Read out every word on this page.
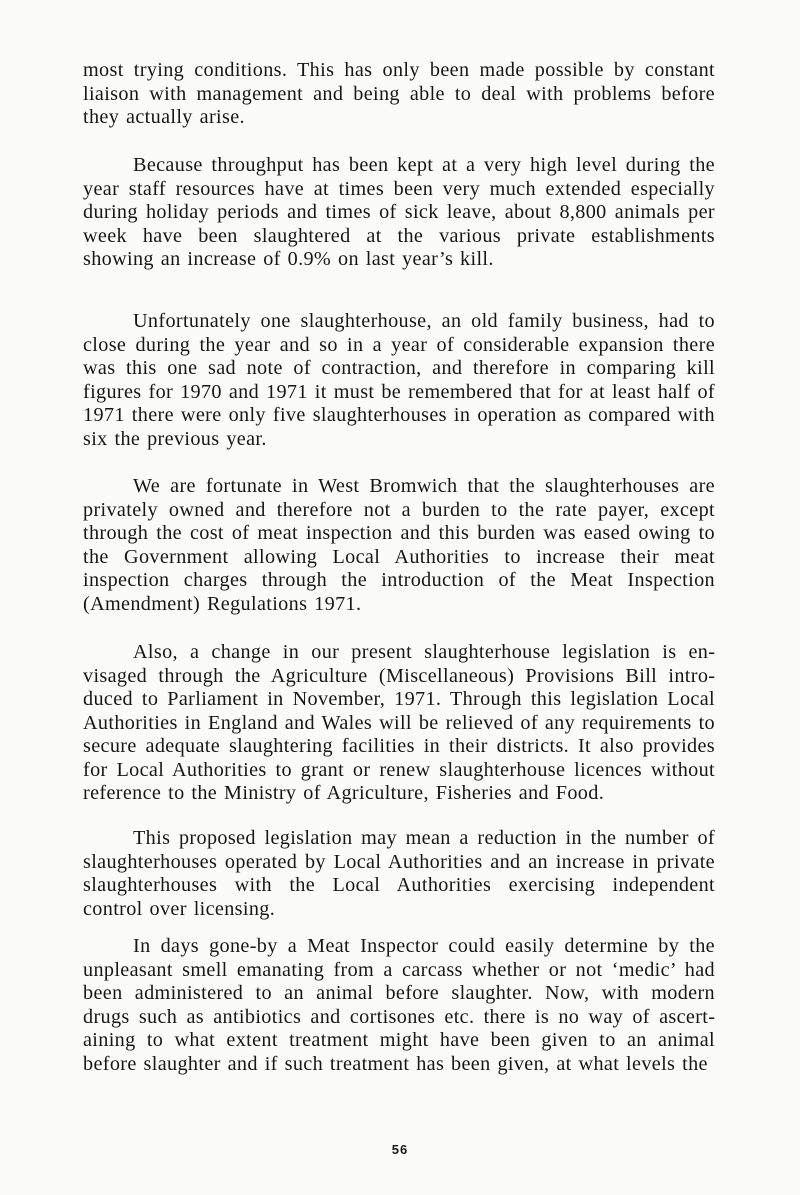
most trying conditions. This has only been made possible by constant liaison with management and being able to deal with problems before they actually arise.

Because throughput has been kept at a very high level during the year staff resources have at times been very much extended especially during holiday periods and times of sick leave, about 8,800 animals per week have been slaughtered at the various private establishments showing an increase of 0.9% on last year’s kill.

Unfortunately one slaughterhouse, an old family business, had to close during the year and so in a year of considerable expansion there was this one sad note of contraction, and therefore in comparing kill figures for 1970 and 1971 it must be remembered that for at least half of 1971 there were only five slaughterhouses in operation as compared with six the previous year.

We are fortunate in West Bromwich that the slaughterhouses are privately owned and therefore not a burden to the rate payer, except through the cost of meat inspection and this burden was eased owing to the Government allowing Local Authorities to increase their meat inspection charges through the introduction of the Meat Inspection (Amendment) Regulations 1971.

Also, a change in our present slaughterhouse legislation is envisaged through the Agriculture (Miscellaneous) Provisions Bill introduced to Parliament in November, 1971. Through this legislation Local Authorities in England and Wales will be relieved of any requirements to secure adequate slaughtering facilities in their districts. It also provides for Local Authorities to grant or renew slaughterhouse licences without reference to the Ministry of Agriculture, Fisheries and Food.

This proposed legislation may mean a reduction in the number of slaughterhouses operated by Local Authorities and an increase in private slaughterhouses with the Local Authorities exercising independent control over licensing.

In days gone-by a Meat Inspector could easily determine by the unpleasant smell emanating from a carcass whether or not ‘medic’ had been administered to an animal before slaughter. Now, with modern drugs such as antibiotics and cortisones etc. there is no way of ascertaining to what extent treatment might have been given to an animal before slaughter and if such treatment has been given, at what levels the

56
